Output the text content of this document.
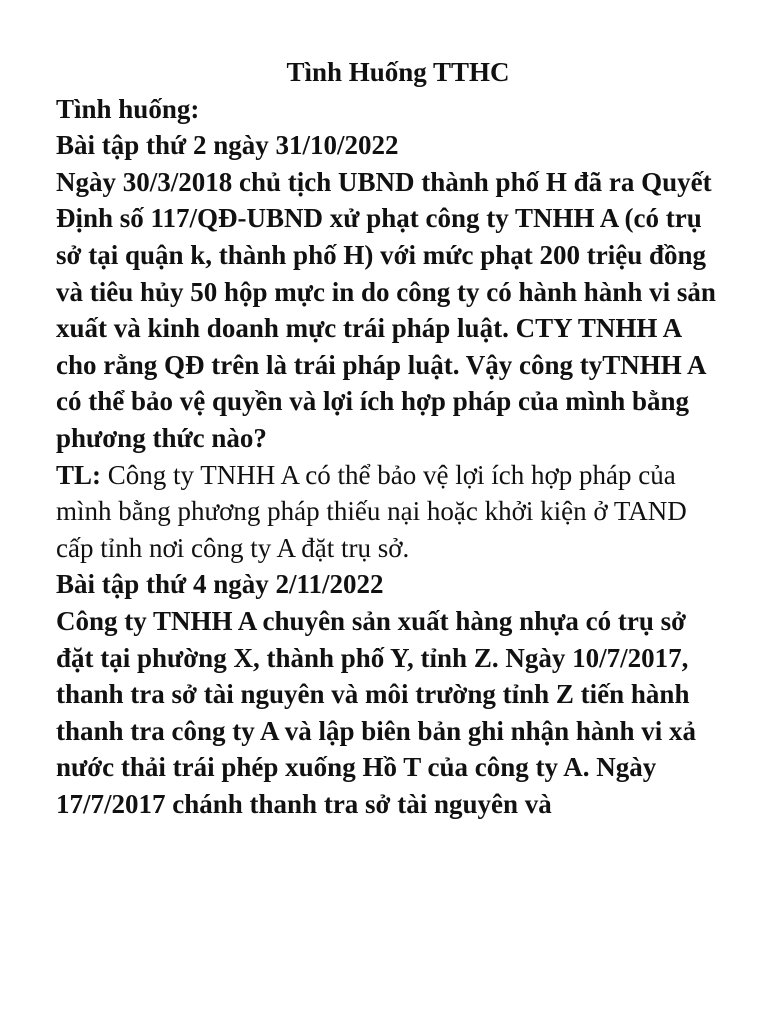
Tình Huống TTHC

Tình huống:

Bài tập thứ 2 ngày 31/10/2022

Ngày 30/3/2018 chủ tịch UBND thành phố H đã ra Quyết Định số 117/QĐ-UBND xử phạt công ty TNHH A (có trụ sở tại quận k, thành phố H) với mức phạt 200 triệu đồng và tiêu hủy 50 hộp mực in do công ty có hành hành vi sản xuất và kinh doanh mực trái pháp luật. CTY TNHH A cho rằng QĐ trên là trái pháp luật. Vậy công tyTNHH A có thể bảo vệ quyền và lợi ích hợp pháp của mình bằng phương thức nào?

TL: Công ty TNHH A có thể bảo vệ lợi ích hợp pháp của mình bằng phương pháp thiếu nại hoặc khởi kiện ở TAND cấp tỉnh nơi công ty A đặt trụ sở.

Bài tập thứ 4 ngày 2/11/2022

Công ty TNHH A chuyên sản xuất hàng nhựa có trụ sở đặt tại phường X, thành phố Y, tỉnh Z. Ngày 10/7/2017, thanh tra sở tài nguyên và môi trường tỉnh Z tiến hành thanh tra công ty A và lập biên bản ghi nhận hành vi xả nước thải trái phép xuống Hồ T của công ty A. Ngày 17/7/2017 chánh thanh tra sở tài nguyên và
